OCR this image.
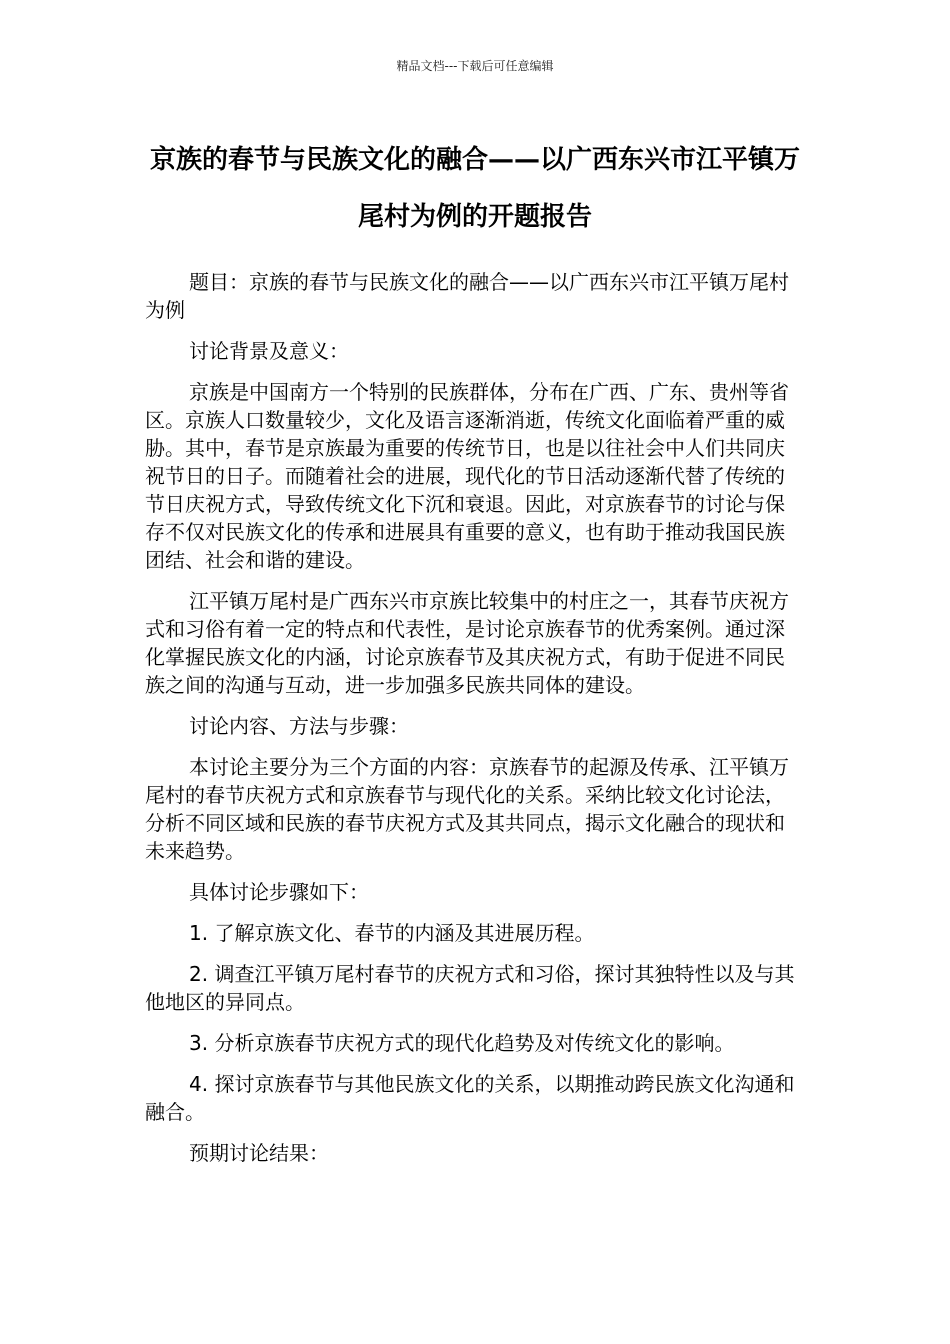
精品文档---下载后可任意编辑
京族的春节与民族文化的融合——以广西东兴市江平镇万尾村为例的开题报告

题目：京族的春节与民族文化的融合——以广西东兴市江平镇万尾村为例

讨论背景及意义：

京族是中国南方一个特别的民族群体，分布在广西、广东、贵州等省区。京族人口数量较少，文化及语言逐渐消逝，传统文化面临着严重的威胁。其中，春节是京族最为重要的传统节日，也是以往社会中人们共同庆祝节日的日子。而随着社会的进展，现代化的节日活动逐渐代替了传统的节日庆祝方式，导致传统文化下沉和衰退。因此，对京族春节的讨论与保存不仅对民族文化的传承和进展具有重要的意义，也有助于推动我国民族团结、社会和谐的建设。

江平镇万尾村是广西东兴市京族比较集中的村庄之一，其春节庆祝方式和习俗有着一定的特点和代表性，是讨论京族春节的优秀案例。通过深化掌握民族文化的内涵，讨论京族春节及其庆祝方式，有助于促进不同民族之间的沟通与互动，进一步加强多民族共同体的建设。

讨论内容、方法与步骤：

本讨论主要分为三个方面的内容：京族春节的起源及传承、江平镇万尾村的春节庆祝方式和京族春节与现代化的关系。采纳比较文化讨论法，分析不同区域和民族的春节庆祝方式及其共同点，揭示文化融合的现状和未来趋势。

具体讨论步骤如下：

1. 了解京族文化、春节的内涵及其进展历程。

2. 调查江平镇万尾村春节的庆祝方式和习俗，探讨其独特性以及与其他地区的异同点。

3. 分析京族春节庆祝方式的现代化趋势及对传统文化的影响。

4. 探讨京族春节与其他民族文化的关系，以期推动跨民族文化沟通和融合。

预期讨论结果：
